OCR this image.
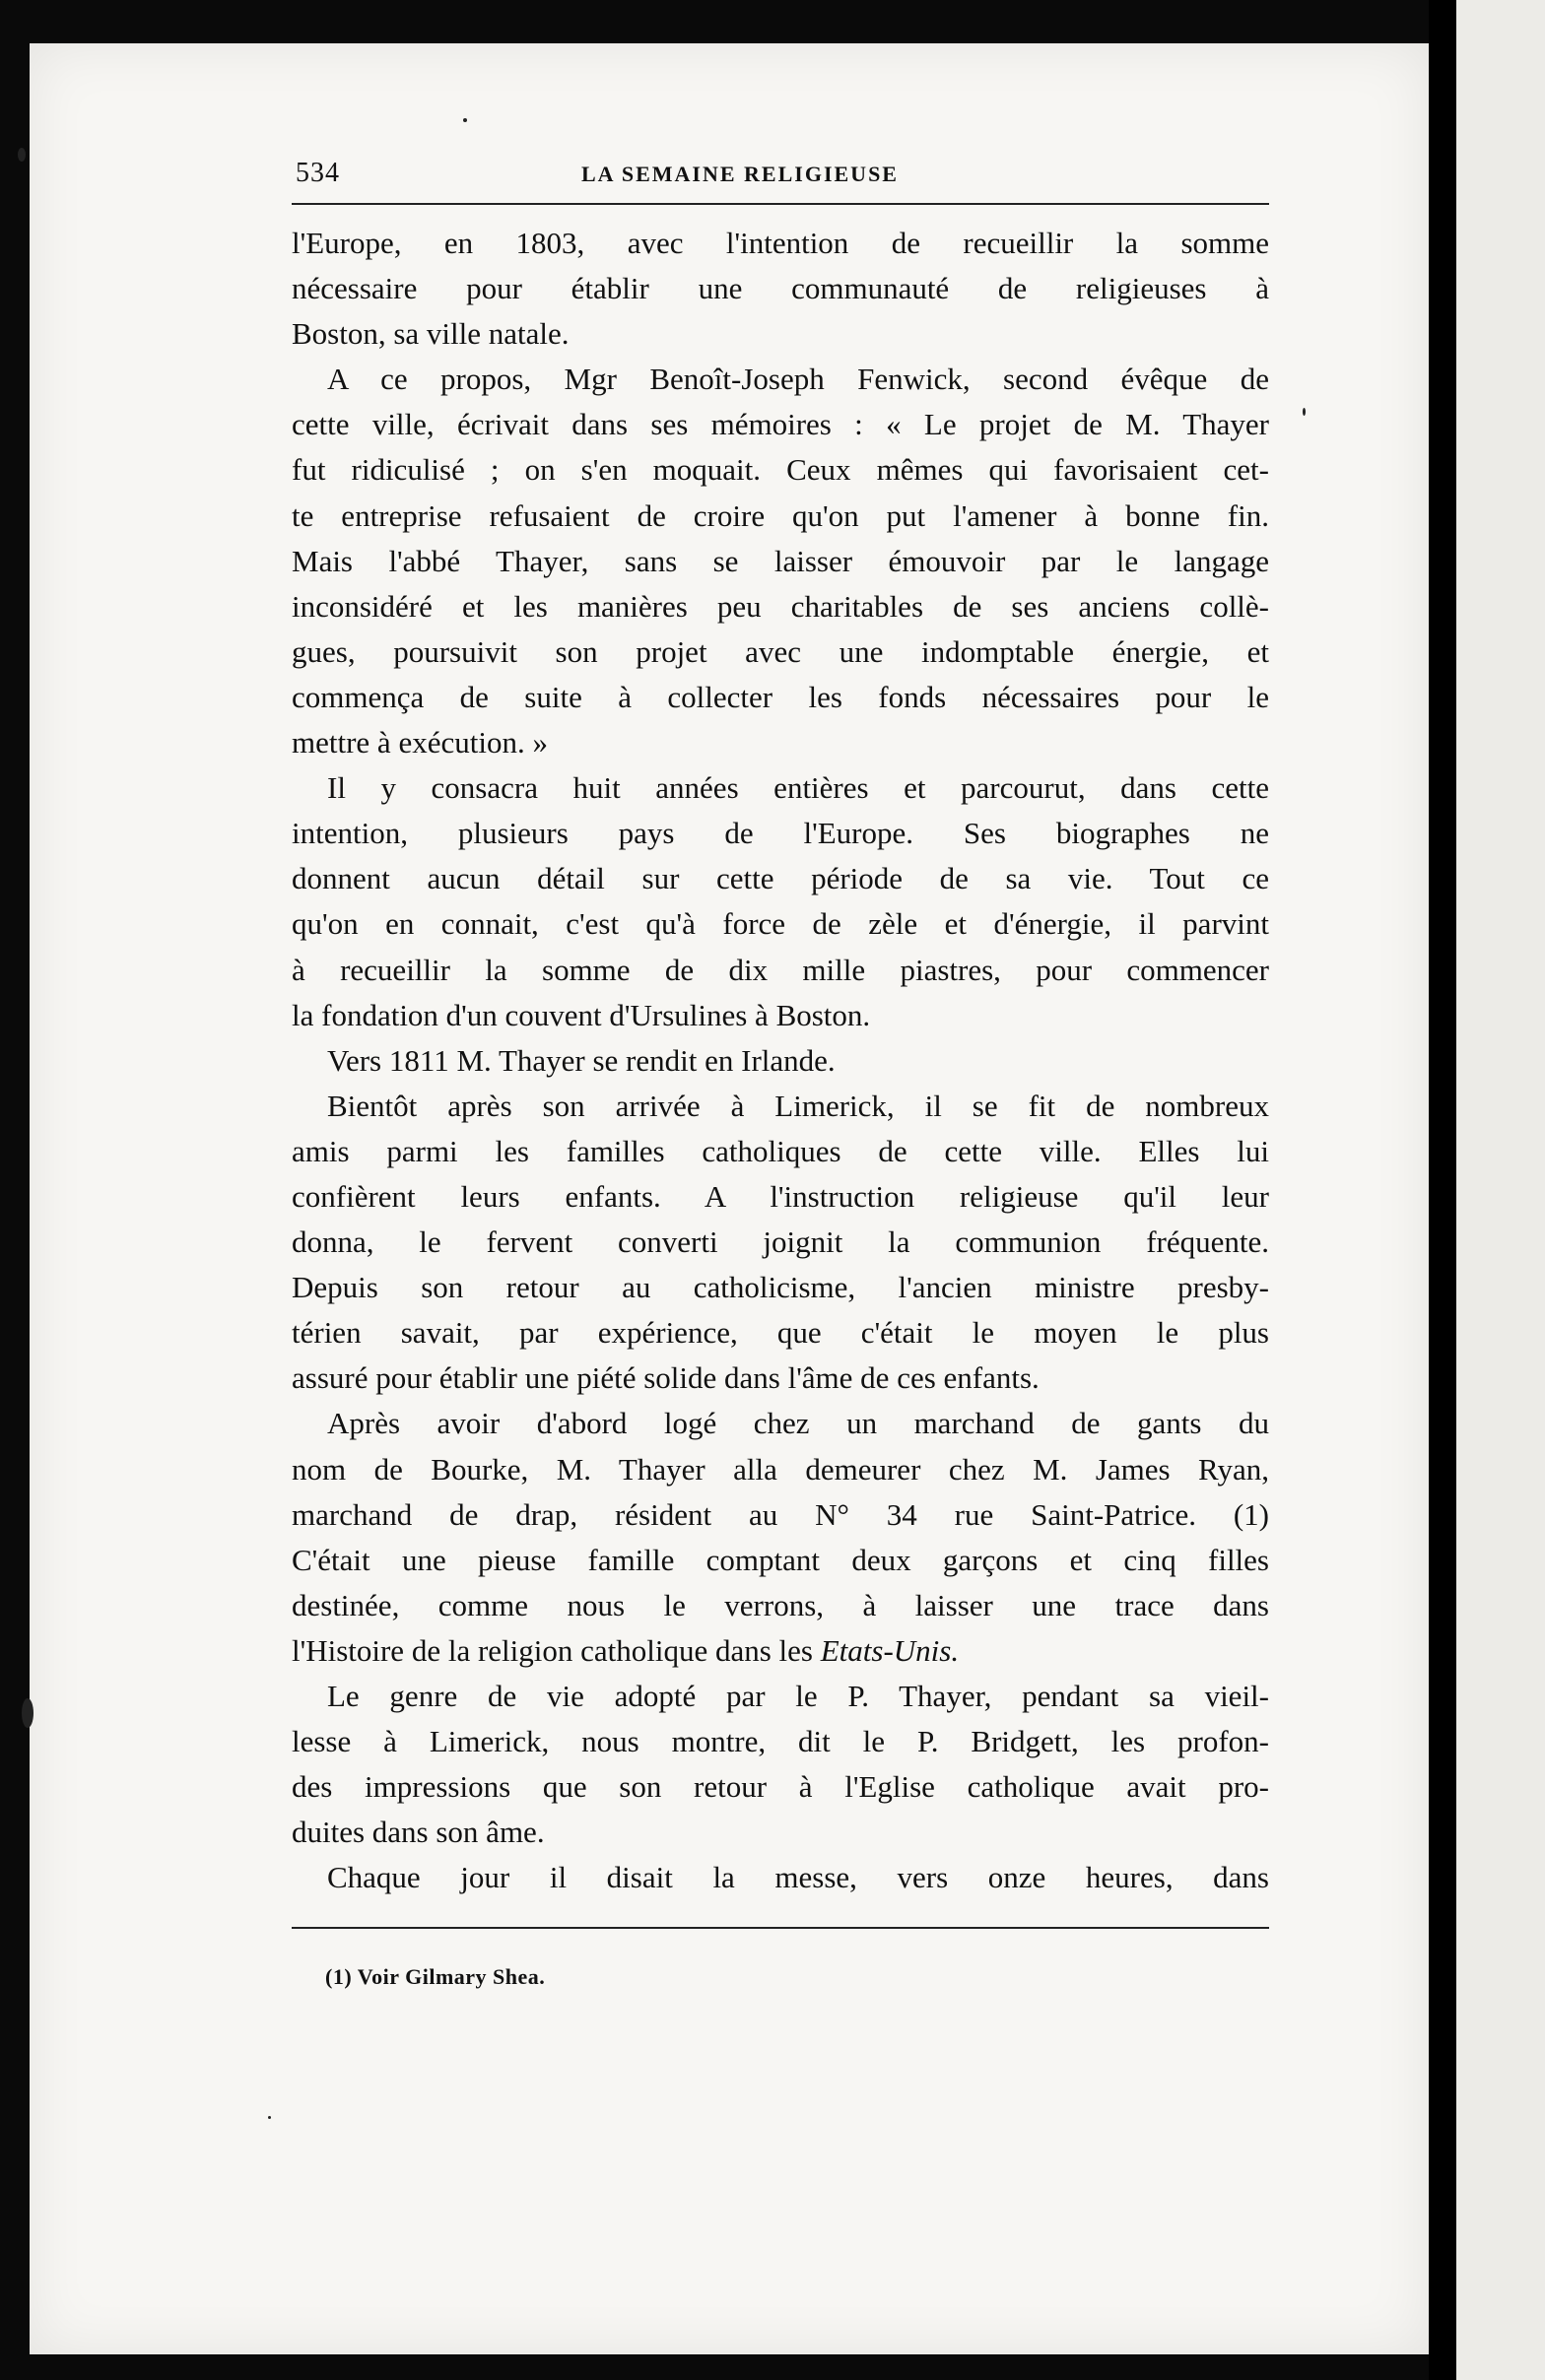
534	LA SEMAINE RELIGIEUSE
l'Europe, en 1803, avec l'intention de recueillir la somme
nécessaire pour établir une communauté de religieuses à
Boston, sa ville natale.
A ce propos, Mgr Benoît-Joseph Fenwick, second évêque de
cette ville, écrivait dans ses mémoires : « Le projet de M. Thayer
fut ridiculisé ; on s'en moquait. Ceux mêmes qui favorisaient cet-
te entreprise refusaient de croire qu'on put l'amener à bonne fin.
Mais l'abbé Thayer, sans se laisser émouvoir par le langage
inconsidéré et les manières peu charitables de ses anciens collè-
gues, poursuivit son projet avec une indomptable énergie, et
commença de suite à collecter les fonds nécessaires pour le
mettre à exécution. »
Il y consacra huit années entières et parcourut, dans cette
intention, plusieurs pays de l'Europe. Ses biographes ne
donnent aucun détail sur cette période de sa vie. Tout ce
qu'on en connait, c'est qu'à force de zèle et d'énergie, il parvint
à recueillir la somme de dix mille piastres, pour commencer
la fondation d'un couvent d'Ursulines à Boston.
Vers 1811 M. Thayer se rendit en Irlande.
Bientôt après son arrivée à Limerick, il se fit de nombreux
amis parmi les familles catholiques de cette ville. Elles lui
confièrent leurs enfants. A l'instruction religieuse qu'il leur
donna, le fervent converti joignit la communion fréquente.
Depuis son retour au catholicisme, l'ancien ministre presby-
térien savait, par expérience, que c'était le moyen le plus
assuré pour établir une piété solide dans l'âme de ces enfants.
Après avoir d'abord logé chez un marchand de gants du
nom de Bourke, M. Thayer alla demeurer chez M. James Ryan,
marchand de drap, résident au N° 34 rue Saint-Patrice. (1)
C'était une pieuse famille comptant deux garçons et cinq filles
destinée, comme nous le verrons, à laisser une trace dans
l'Histoire de la religion catholique dans les Etats-Unis.
Le genre de vie adopté par le P. Thayer, pendant sa vieil-
lesse à Limerick, nous montre, dit le P. Bridgett, les profon-
des impressions que son retour à l'Eglise catholique avait pro-
duites dans son âme.
Chaque jour il disait la messe, vers onze heures, dans
(1) Voir Gilmary Shea.
